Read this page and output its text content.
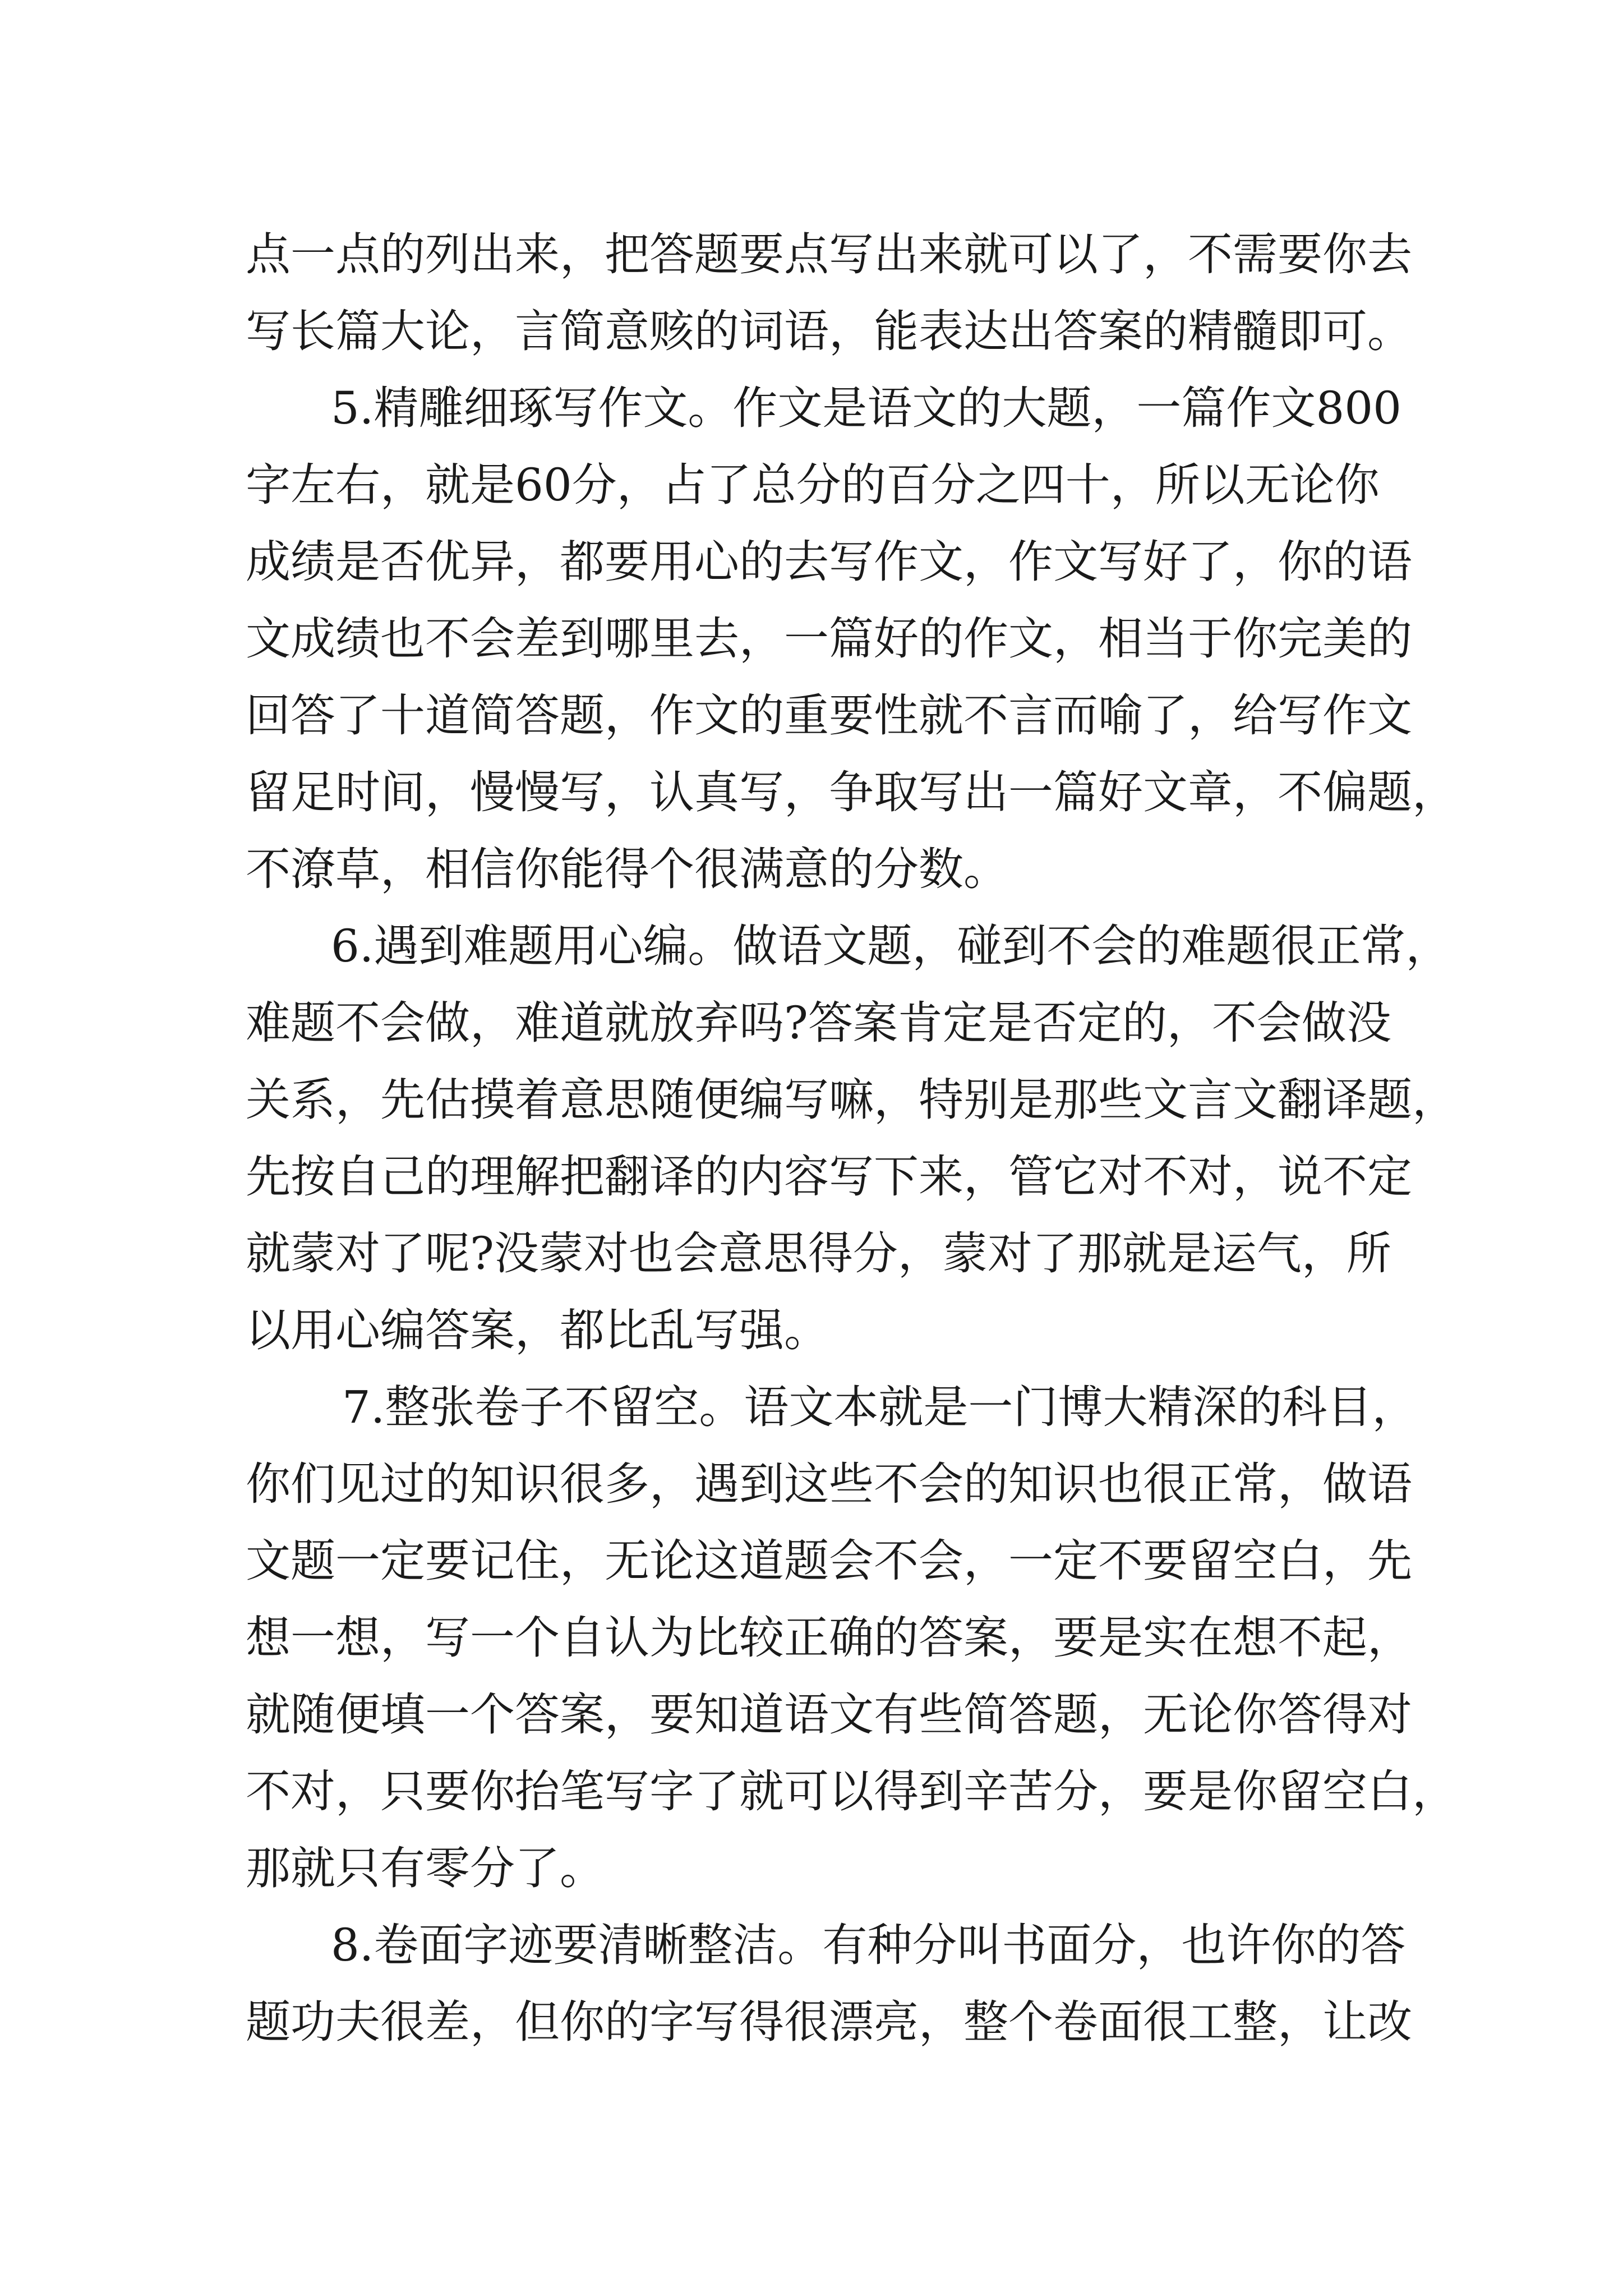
点一点的列出来，把答题要点写出来就可以了，不需要你去
写长篇大论，言简意赅的词语，能表达出答案的精髓即可。
5.精雕细琢写作文。作文是语文的大题，一篇作文800
字左右，就是60分，占了总分的百分之四十，所以无论你
成绩是否优异，都要用心的去写作文，作文写好了，你的语
文成绩也不会差到哪里去，一篇好的作文，相当于你完美的
回答了十道简答题，作文的重要性就不言而喻了，给写作文
留足时间，慢慢写，认真写，争取写出一篇好文章，不偏题，
不潦草，相信你能得个很满意的分数。
6.遇到难题用心编。做语文题，碰到不会的难题很正常，
难题不会做，难道就放弃吗?答案肯定是否定的，不会做没
关系，先估摸着意思随便编写嘛，特别是那些文言文翻译题，
先按自己的理解把翻译的内容写下来，管它对不对，说不定
就蒙对了呢?没蒙对也会意思得分，蒙对了那就是运气，所
以用心编答案，都比乱写强。
7.整张卷子不留空。语文本就是一门博大精深的科目，
你们见过的知识很多，遇到这些不会的知识也很正常，做语
文题一定要记住，无论这道题会不会，一定不要留空白，先
想一想，写一个自认为比较正确的答案，要是实在想不起，
就随便填一个答案，要知道语文有些简答题，无论你答得对
不对，只要你抬笔写字了就可以得到辛苦分，要是你留空白，
那就只有零分了。
8.卷面字迹要清晰整洁。有种分叫书面分，也许你的答
题功夫很差，但你的字写得很漂亮，整个卷面很工整，让改
